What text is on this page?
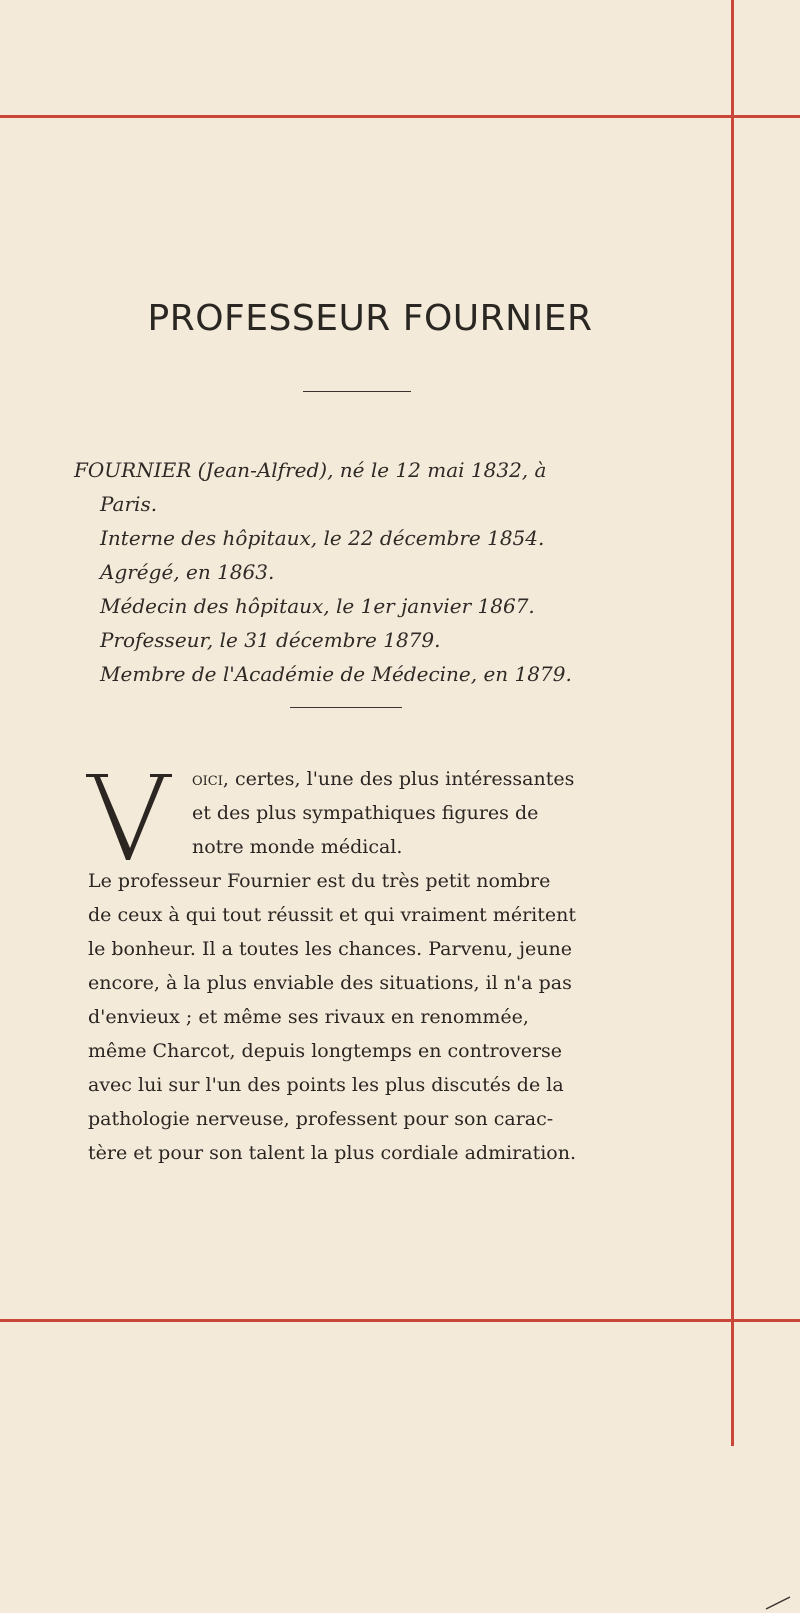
PROFESSEUR FOURNIER
FOURNIER (Jean-Alfred), né le 12 mai 1832, à
Paris.
Interne des hôpitaux, le 22 décembre 1854.
Agrégé, en 1863.
Médecin des hôpitaux, le 1er janvier 1867.
Professeur, le 31 décembre 1879.
Membre de l'Académie de Médecine, en 1879.
oici, certes, l'une des plus intéressantes
et des plus sympathiques figures de
notre monde médical.
Le professeur Fournier est du très petit nombre
de ceux à qui tout réussit et qui vraiment méritent
le bonheur. Il a toutes les chances. Parvenu, jeune
encore, à la plus enviable des situations, il n'a pas
d'envieux ; et même ses rivaux en renommée,
même Charcot, depuis longtemps en controverse
avec lui sur l'un des points les plus discutés de la
pathologie nerveuse, professent pour son carac-
tère et pour son talent la plus cordiale admiration.
